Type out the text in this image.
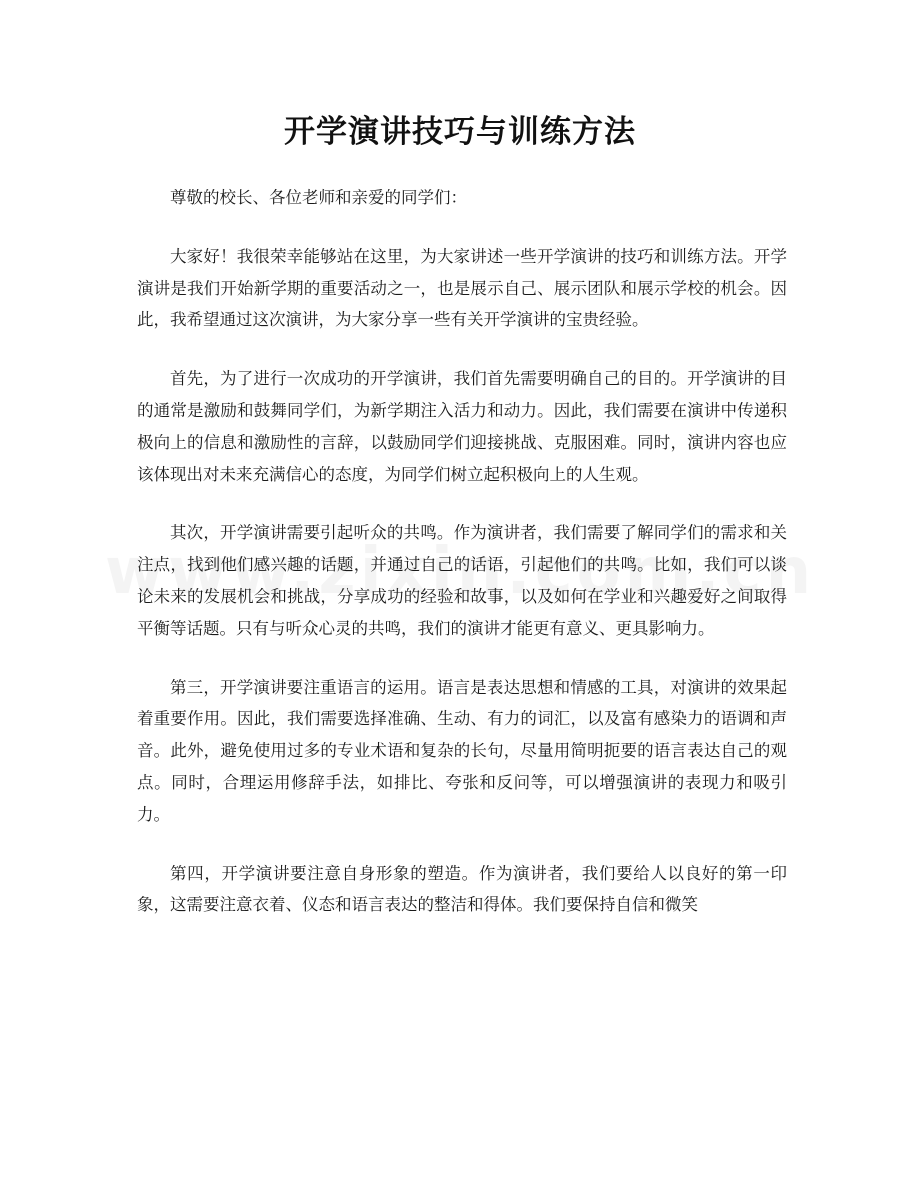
开学演讲技巧与训练方法

尊敬的校长、各位老师和亲爱的同学们：

大家好！我很荣幸能够站在这里，为大家讲述一些开学演讲的技巧和训练方法。开学演讲是我们开始新学期的重要活动之一，也是展示自己、展示团队和展示学校的机会。因此，我希望通过这次演讲，为大家分享一些有关开学演讲的宝贵经验。

首先，为了进行一次成功的开学演讲，我们首先需要明确自己的目的。开学演讲的目的通常是激励和鼓舞同学们，为新学期注入活力和动力。因此，我们需要在演讲中传递积极向上的信息和激励性的言辞，以鼓励同学们迎接挑战、克服困难。同时，演讲内容也应该体现出对未来充满信心的态度，为同学们树立起积极向上的人生观。

其次，开学演讲需要引起听众的共鸣。作为演讲者，我们需要了解同学们的需求和关注点，找到他们感兴趣的话题，并通过自己的话语，引起他们的共鸣。比如，我们可以谈论未来的发展机会和挑战，分享成功的经验和故事，以及如何在学业和兴趣爱好之间取得平衡等话题。只有与听众心灵的共鸣，我们的演讲才能更有意义、更具影响力。

第三，开学演讲要注重语言的运用。语言是表达思想和情感的工具，对演讲的效果起着重要作用。因此，我们需要选择准确、生动、有力的词汇，以及富有感染力的语调和声音。此外，避免使用过多的专业术语和复杂的长句，尽量用简明扼要的语言表达自己的观点。同时，合理运用修辞手法，如排比、夸张和反问等，可以增强演讲的表现力和吸引力。

第四，开学演讲要注意自身形象的塑造。作为演讲者，我们要给人以良好的第一印象，这需要注意衣着、仪态和语言表达的整洁和得体。我们要保持自信和微笑
